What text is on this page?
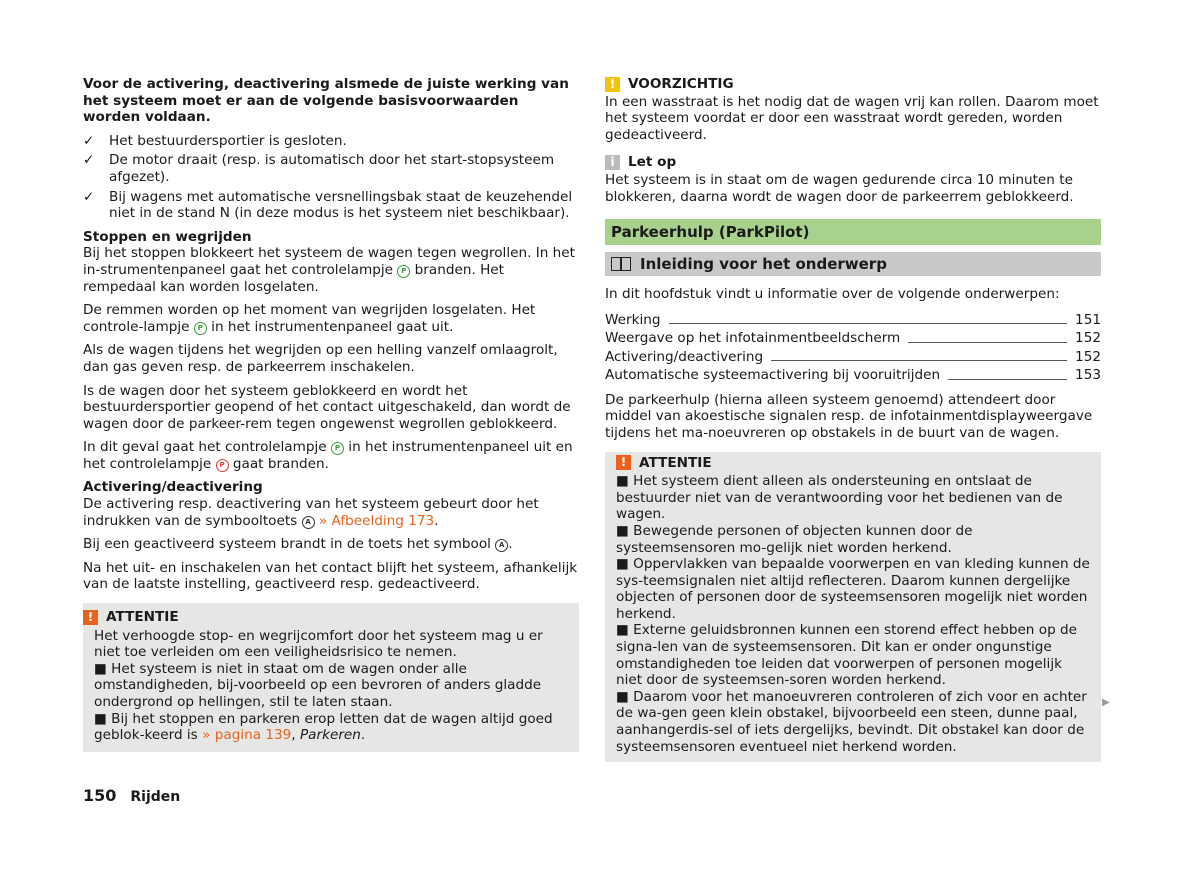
Voor de activering, deactivering alsmede de juiste werking van het systeem moet er aan de volgende basisvoorwaarden worden voldaan.

✓ Het bestuurdersportier is gesloten.
✓ De motor draait (resp. is automatisch door het start-stopsysteem afgezet).
✓ Bij wagens met automatische versnellingsbak staat de keuzehendel niet in de stand N (in deze modus is het systeem niet beschikbaar).

Stoppen en wegrijden

Bij het stoppen blokkeert het systeem de wagen tegen wegrollen. In het in-strumentenpaneel gaat het controlelampje P branden. Het rempedaal kan worden losgelaten.

De remmen worden op het moment van wegrijden losgelaten. Het controle-lampje P in het instrumentenpaneel gaat uit.

Als de wagen tijdens het wegrijden op een helling vanzelf omlaagrolt, dan gas geven resp. de parkeerrem inschakelen.

Is de wagen door het systeem geblokkeerd en wordt het bestuurdersportier geopend of het contact uitgeschakeld, dan wordt de wagen door de parkeer-rem tegen ongewenst wegrollen geblokkeerd.

In dit geval gaat het controlelampje P in het instrumentenpaneel uit en het controlelampje P gaat branden.

Activering/deactivering

De activering resp. deactivering van het systeem gebeurt door het indrukken van de symbooltoets A » Afbeelding 173.

Bij een geactiveerd systeem brandt in de toets het symbool A .

Na het uit- en inschakelen van het contact blijft het systeem, afhankelijk van de laatste instelling, geactiveerd resp. gedeactiveerd.

! ATTENTIE
Het verhoogde stop- en wegrijcomfort door het systeem mag u er niet toe verleiden om een veiligheidsrisico te nemen.
■ Het systeem is niet in staat om de wagen onder alle omstandigheden, bij-voorbeeld op een bevroren of anders gladde ondergrond op hellingen, stil te laten staan.
■ Bij het stoppen en parkeren erop letten dat de wagen altijd goed geblok-keerd is » pagina 139, Parkeren.
! VOORZICHTIG

In een wasstraat is het nodig dat de wagen vrij kan rollen. Daarom moet het systeem voordat er door een wasstraat wordt gereden, worden gedeactiveerd.

i Let op

Het systeem is in staat om de wagen gedurende circa 10 minuten te blokkeren, daarna wordt de wagen door de parkeerrem geblokkeerd.

Parkeerhulp (ParkPilot)
Inleiding voor het onderwerp

In dit hoofdstuk vindt u informatie over de volgende onderwerpen:

Werking	151
Weergave op het infotainmentbeeldscherm	152
Activering/deactivering	152
Automatische systeemactivering bij vooruitrijden	153

De parkeerhulp (hierna alleen systeem genoemd) attendeert door middel van akoestische signalen resp. de infotainmentdisplayweergave tijdens het ma-noeuvreren op obstakels in de buurt van de wagen.

! ATTENTIE
■ Het systeem dient alleen als ondersteuning en ontslaat de bestuurder niet van de verantwoording voor het bedienen van de wagen.
■ Bewegende personen of objecten kunnen door de systeemsensoren mo-gelijk niet worden herkend.
■ Oppervlakken van bepaalde voorwerpen en van kleding kunnen de sys-teemsignalen niet altijd reflecteren. Daarom kunnen dergelijke objecten of personen door de systeemsensoren mogelijk niet worden herkend.
■ Externe geluidsbronnen kunnen een storend effect hebben op de signa-len van de systeemsensoren. Dit kan er onder ongunstige omstandigheden toe leiden dat voorwerpen of personen mogelijk niet door de systeemsen-soren worden herkend.
■ Daarom voor het manoeuvreren controleren of zich voor en achter de wa-gen geen klein obstakel, bijvoorbeeld een steen, dunne paal, aanhangerdis-sel of iets dergelijks, bevindt. Dit obstakel kan door de systeemsensoren eventueel niet herkend worden.
▶
150 Rijden
